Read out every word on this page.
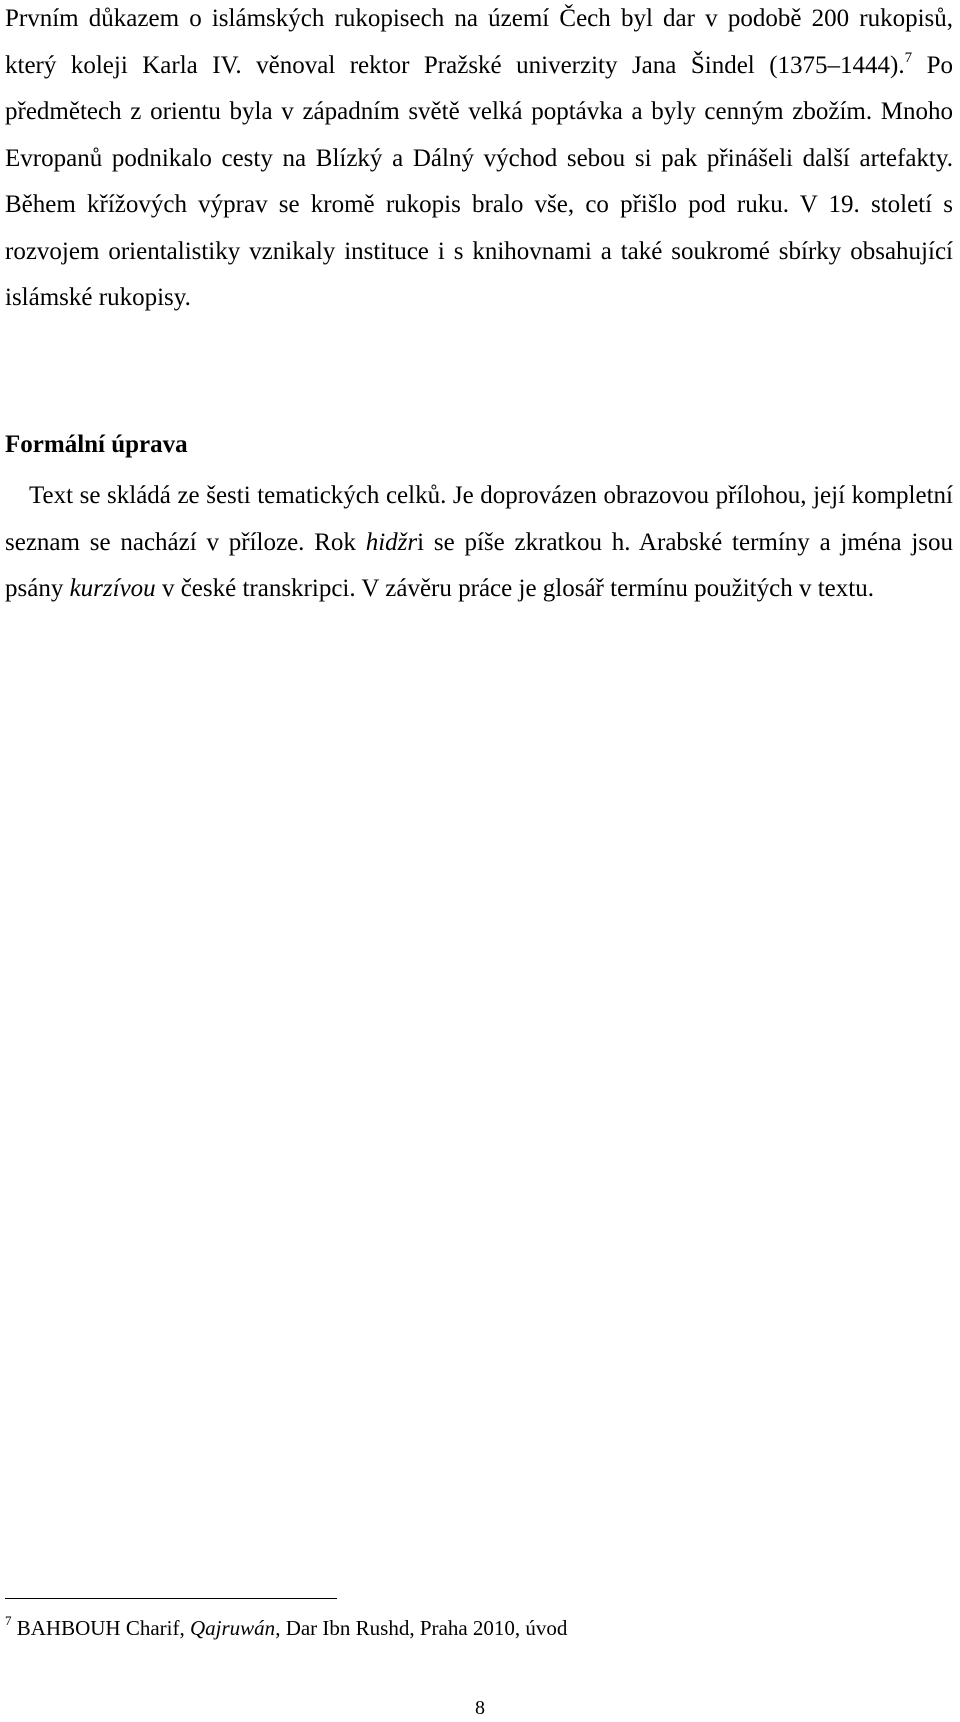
Prvním důkazem o islámských rukopisech na území Čech byl dar v podobě 200 rukopisů, který koleji Karla IV. věnoval rektor Pražské univerzity Jana Šindel (1375–1444).$^7$ Po předmětech z orientu byla v západním světě velká poptávka a byly cenným zbožím. Mnoho Evropanů podnikalo cesty na Blízký a Dálný východ sebou si pak přinášeli další artefakty. Během křížových výprav se kromě rukopis bralo vše, co přišlo pod ruku. V 19. století s rozvojem orientalistiky vznikaly instituce i s knihovnami a také soukromé sbírky obsahující islámské rukopisy.

Formální úprava

Text se skládá ze šesti tematických celků. Je doprovázen obrazovou přílohou, její kompletní seznam se nachází v příloze. Rok hidžri se píše zkratkou h. Arabské termíny a jména jsou psány kurzívou v české transkripci. V závěru práce je glosář termínu použitých v textu.

$^7$ BAHBOUH Charif, Qajruwán, Dar Ibn Rushd, Praha 2010, úvod

8
